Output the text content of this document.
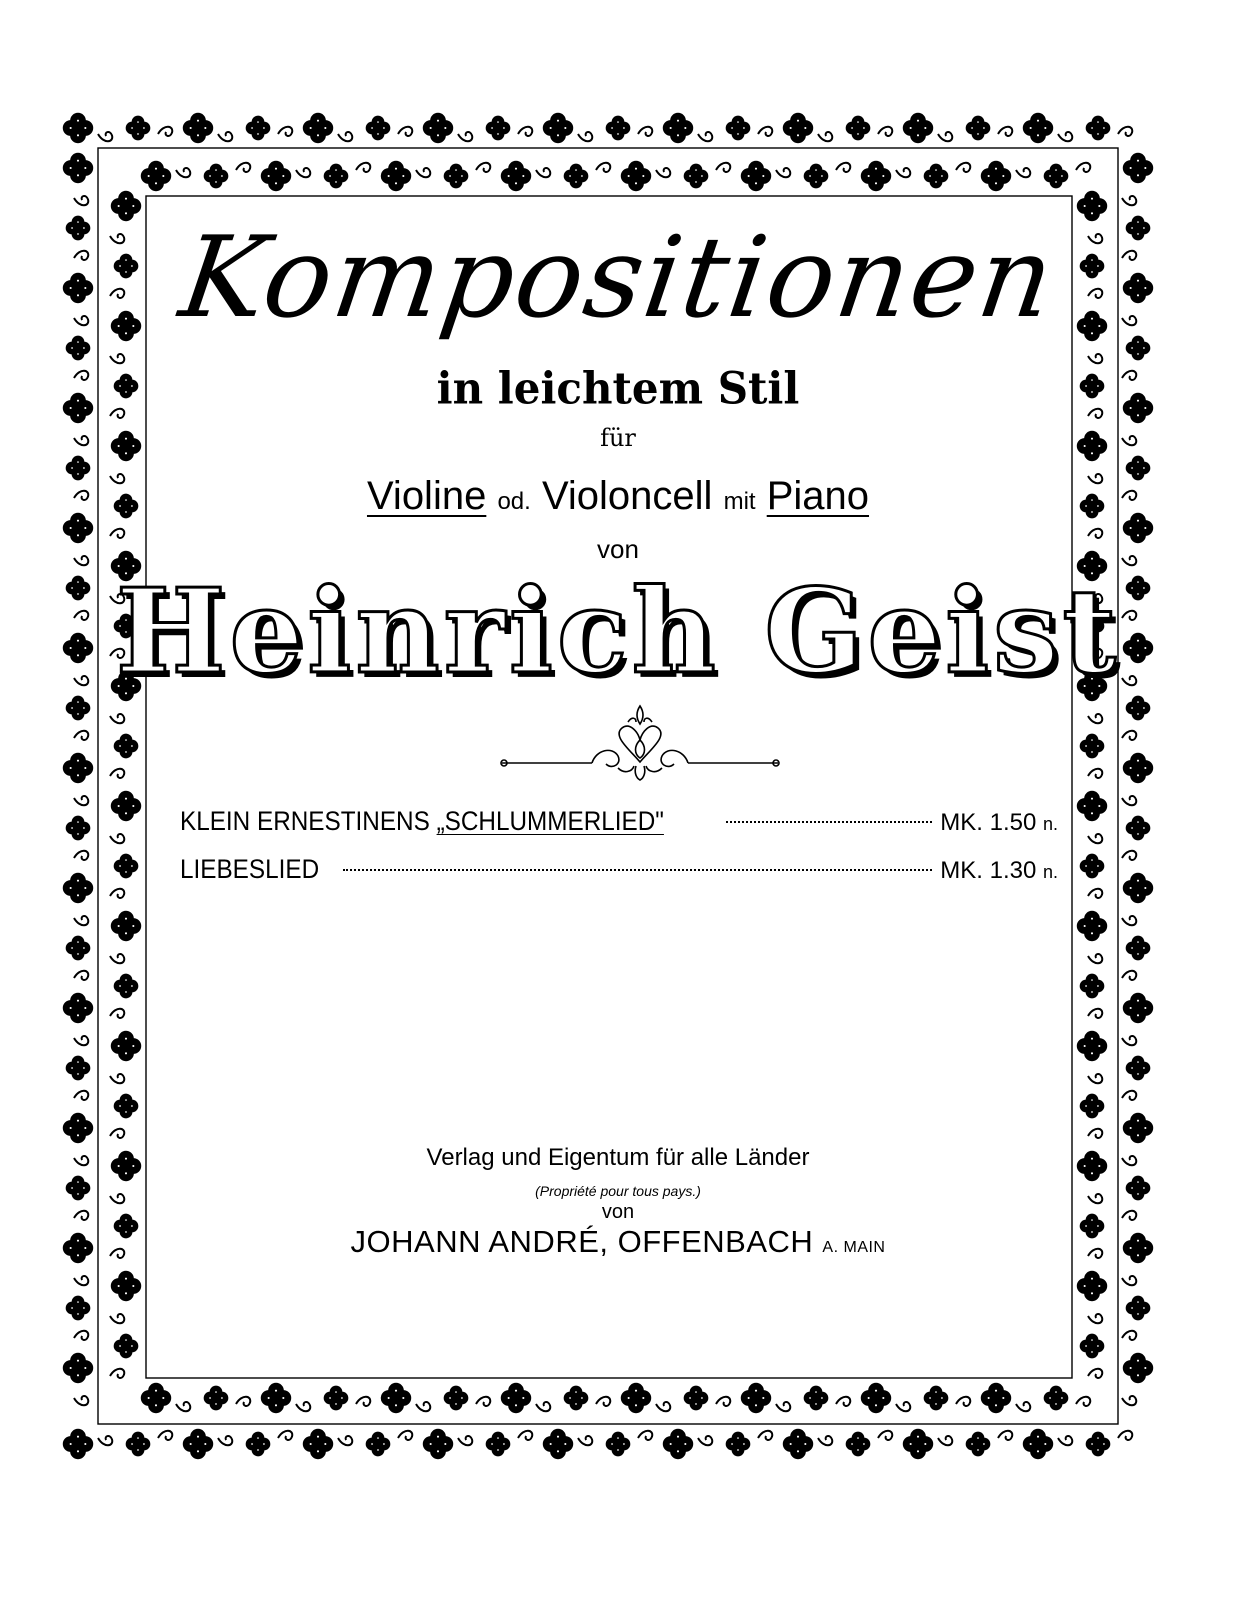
Kompositionen
in leichtem Stil
für
Violine od. Violoncell mit Piano
von
Heinrich Geist
KLEIN ERNESTINENS „SCHLUMMERLIED"	MK. 1.50 n.
LIEBESLIED	MK. 1.30 n.
Verlag und Eigentum für alle Länder
(Propriété pour tous pays.)
von
JOHANN ANDRÉ, OFFENBACH A. MAIN
